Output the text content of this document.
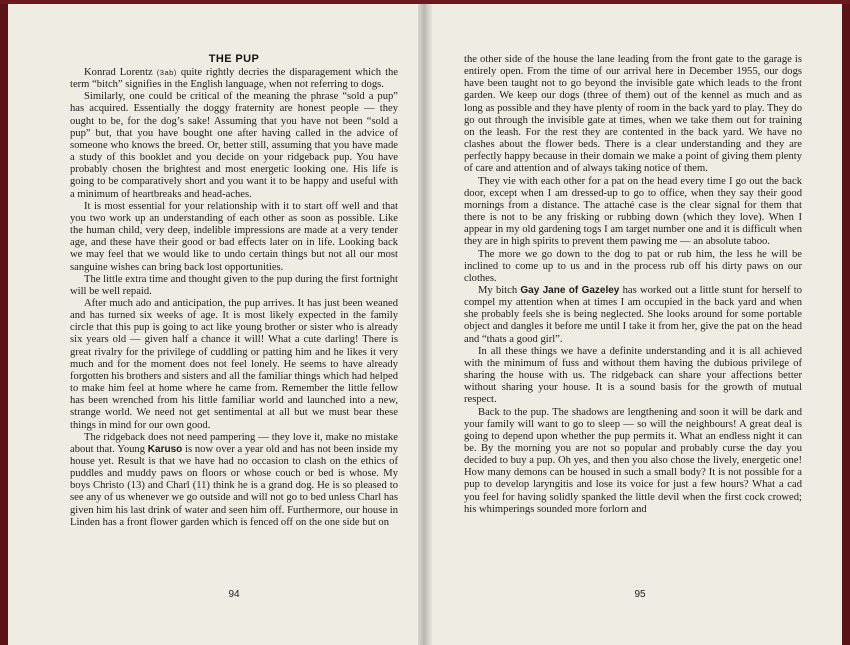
THE PUP

Konrad Lorentz (3ab) quite rightly decries the disparagement which the term “bitch” signifies in the English language, when not referring to dogs.

Similarly, one could be critical of the meaning the phrase “sold a pup” has acquired. Essentially the doggy fraternity are honest people — they ought to be, for the dog’s sake! Assuming that you have not been “sold a pup” but, that you have bought one after having called in the advice of someone who knows the breed. Or, better still, assuming that you have made a study of this booklet and you decide on your ridgeback pup. You have probably chosen the brightest and most energetic looking one. His life is going to be comparatively short and you want it to be happy and useful with a minimum of heartbreaks and head-aches.

It is most essential for your relationship with it to start off well and that you two work up an understanding of each other as soon as possible. Like the human child, very deep, indelible impressions are made at a very tender age, and these have their good or bad effects later on in life. Looking back we may feel that we would like to undo certain things but not all our most sanguine wishes can bring back lost opportunities.

The little extra time and thought given to the pup during the first fortnight will be well repaid.

After much ado and anticipation, the pup arrives. It has just been weaned and has turned six weeks of age. It is most likely expected in the family circle that this pup is going to act like young brother or sister who is already six years old — given half a chance it will! What a cute darling! There is great rivalry for the privilege of cuddling or patting him and he likes it very much and for the moment does not feel lonely. He seems to have already forgotten his brothers and sisters and all the familiar things which had helped to make him feel at home where he came from. Remember the little fellow has been wrenched from his little familiar world and launched into a new, strange world. We need not get sentimental at all but we must bear these things in mind for our own good.

The ridgeback does not need pampering — they love it, make no mistake about that. Young Karuso is now over a year old and has not been inside my house yet. Result is that we have had no occasion to clash on the ethics of puddles and muddy paws on floors or whose couch or bed is whose. My boys Christo (13) and Charl (11) think he is a grand dog. He is so pleased to see any of us whenever we go outside and will not go to bed unless Charl has given him his last drink of water and seen him off. Furthermore, our house in Linden has a front flower garden which is fenced off on the one side but on

94

the other side of the house the lane leading from the front gate to the garage is entirely open. From the time of our arrival here in December 1955, our dogs have been taught not to go beyond the invisible gate which leads to the front garden. We keep our dogs (three of them) out of the kennel as much and as long as possible and they have plenty of room in the back yard to play. They do go out through the invisible gate at times, when we take them out for training on the leash. For the rest they are contented in the back yard. We have no clashes about the flower beds. There is a clear understanding and they are perfectly happy because in their domain we make a point of giving them plenty of care and attention and of always taking notice of them.

They vie with each other for a pat on the head every time I go out the back door, except when I am dressed-up to go to office, when they say their good mornings from a distance. The attaché case is the clear signal for them that there is not to be any frisking or rubbing down (which they love). When I appear in my old gardening togs I am target number one and it is difficult when they are in high spirits to prevent them pawing me — an absolute taboo.

The more we go down to the dog to pat or rub him, the less he will be inclined to come up to us and in the process rub off his dirty paws on our clothes.

My bitch Gay Jane of Gazeley has worked out a little stunt for herself to compel my attention when at times I am occupied in the back yard and when she probably feels she is being neglected. She looks around for some portable object and dangles it before me until I take it from her, give the pat on the head and “thats a good girl”.

In all these things we have a definite understanding and it is all achieved with the minimum of fuss and without them having the dubious privilege of sharing the house with us. The ridgeback can share your affections better without sharing your house. It is a sound basis for the growth of mutual respect.

Back to the pup. The shadows are lengthening and soon it will be dark and your family will want to go to sleep — so will the neighbours! A great deal is going to depend upon whether the pup permits it. What an endless night it can be. By the morning you are not so popular and probably curse the day you decided to buy a pup. Oh yes, and then you also chose the lively, energetic one! How many demons can be housed in such a small body? It is not possible for a pup to develop laryngitis and lose its voice for just a few hours? What a cad you feel for having solidly spanked the little devil when the first cock crowed; his whimperings sounded more forlorn and

95
